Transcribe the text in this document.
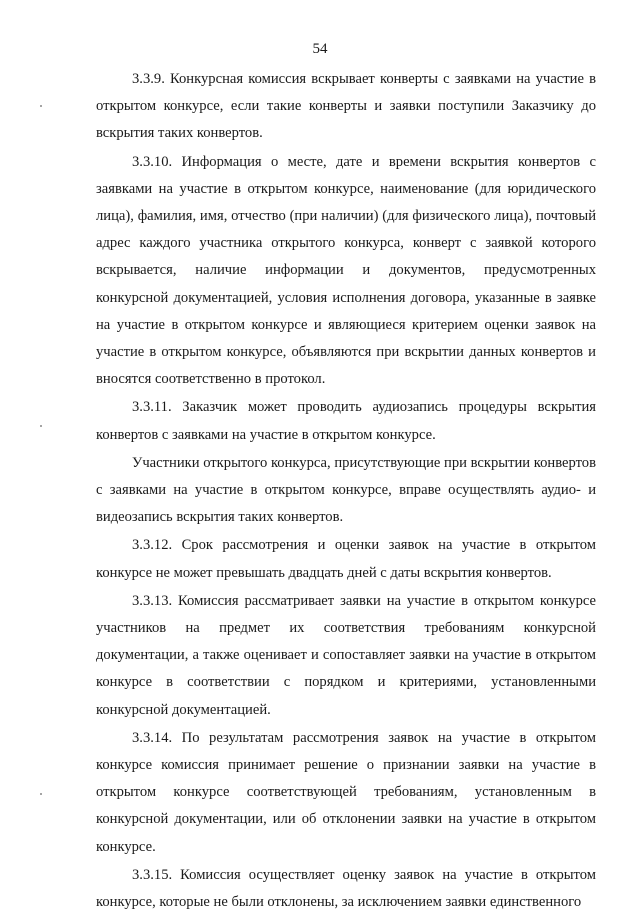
54

3.3.9. Конкурсная комиссия вскрывает конверты с заявками на участие в открытом конкурсе, если такие конверты и заявки поступили Заказчику до вскрытия таких конвертов.

3.3.10. Информация о месте, дате и времени вскрытия конвертов с заявками на участие в открытом конкурсе, наименование (для юридического лица), фамилия, имя, отчество (при наличии) (для физического лица), почтовый адрес каждого участника открытого конкурса, конверт с заявкой которого вскрывается, наличие информации и документов, предусмотренных конкурсной документацией, условия исполнения договора, указанные в заявке на участие в открытом конкурсе и являющиеся критерием оценки заявок на участие в открытом конкурсе, объявляются при вскрытии данных конвертов и вносятся соответственно в протокол.

3.3.11. Заказчик может проводить аудиозапись процедуры вскрытия конвертов с заявками на участие в открытом конкурсе.

Участники открытого конкурса, присутствующие при вскрытии конвертов с заявками на участие в открытом конкурсе, вправе осуществлять аудио- и видеозапись вскрытия таких конвертов.

3.3.12. Срок рассмотрения и оценки заявок на участие в открытом конкурсе не может превышать двадцать дней с даты вскрытия конвертов.

3.3.13. Комиссия рассматривает заявки на участие в открытом конкурсе участников на предмет их соответствия требованиям конкурсной документации, а также оценивает и сопоставляет заявки на участие в открытом конкурсе в соответствии с порядком и критериями, установленными конкурсной документацией.

3.3.14. По результатам рассмотрения заявок на участие в открытом конкурсе комиссия принимает решение о признании заявки на участие в открытом конкурсе соответствующей требованиям, установленным в конкурсной документации, или об отклонении заявки на участие в открытом конкурсе.

3.3.15. Комиссия осуществляет оценку заявок на участие в открытом конкурсе, которые не были отклонены, за исключением заявки единственного
